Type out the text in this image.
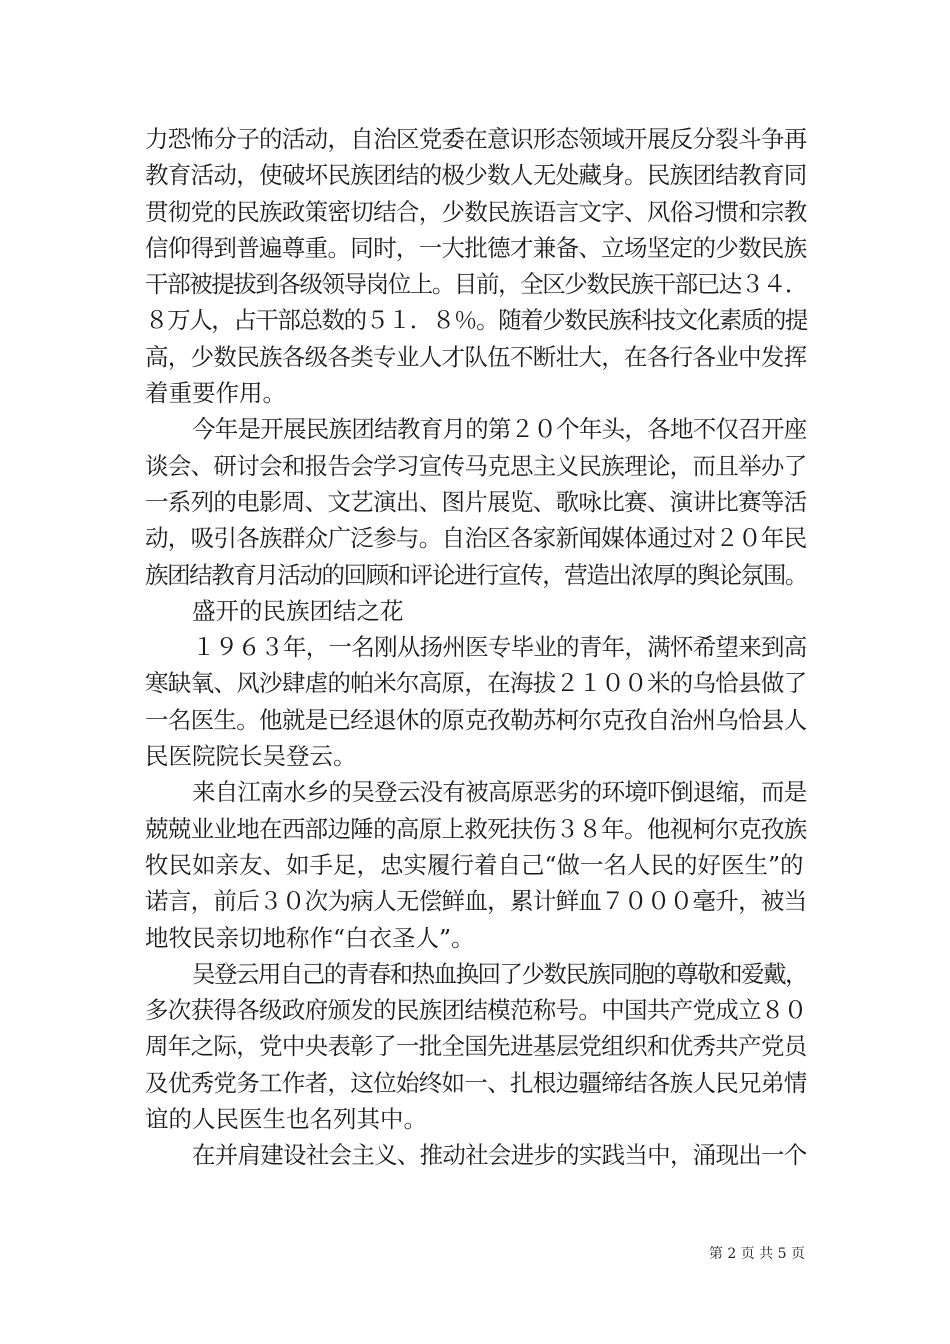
力恐怖分子的活动，自治区党委在意识形态领域开展反分裂斗争再
教育活动，使破坏民族团结的极少数人无处藏身。民族团结教育同
贯彻党的民族政策密切结合，少数民族语言文字、风俗习惯和宗教
信仰得到普遍尊重。同时，一大批德才兼备、立场坚定的少数民族
干部被提拔到各级领导岗位上。目前，全区少数民族干部已达３４．
８万人，占干部总数的５１．８％。随着少数民族科技文化素质的提
高，少数民族各级各类专业人才队伍不断壮大，在各行各业中发挥
着重要作用。
今年是开展民族团结教育月的第２０个年头，各地不仅召开座
谈会、研讨会和报告会学习宣传马克思主义民族理论，而且举办了
一系列的电影周、文艺演出、图片展览、歌咏比赛、演讲比赛等活
动，吸引各族群众广泛参与。自治区各家新闻媒体通过对２０年民
族团结教育月活动的回顾和评论进行宣传，营造出浓厚的舆论氛围。
盛开的民族团结之花
１９６３年，一名刚从扬州医专毕业的青年，满怀希望来到高
寒缺氧、风沙肆虐的帕米尔高原，在海拔２１００米的乌恰县做了
一名医生。他就是已经退休的原克孜勒苏柯尔克孜自治州乌恰县人
民医院院长吴登云。
来自江南水乡的吴登云没有被高原恶劣的环境吓倒退缩，而是
兢兢业业地在西部边陲的高原上救死扶伤３８年。他视柯尔克孜族
牧民如亲友、如手足，忠实履行着自己“做一名人民的好医生”的
诺言，前后３０次为病人无偿鲜血，累计鲜血７０００毫升，被当
地牧民亲切地称作“白衣圣人”。
吴登云用自己的青春和热血换回了少数民族同胞的尊敬和爱戴，
多次获得各级政府颁发的民族团结模范称号。中国共产党成立８０
周年之际，党中央表彰了一批全国先进基层党组织和优秀共产党员
及优秀党务工作者，这位始终如一、扎根边疆缔结各族人民兄弟情
谊的人民医生也名列其中。
在并肩建设社会主义、推动社会进步的实践当中，涌现出一个
第 2 页 共 5 页
